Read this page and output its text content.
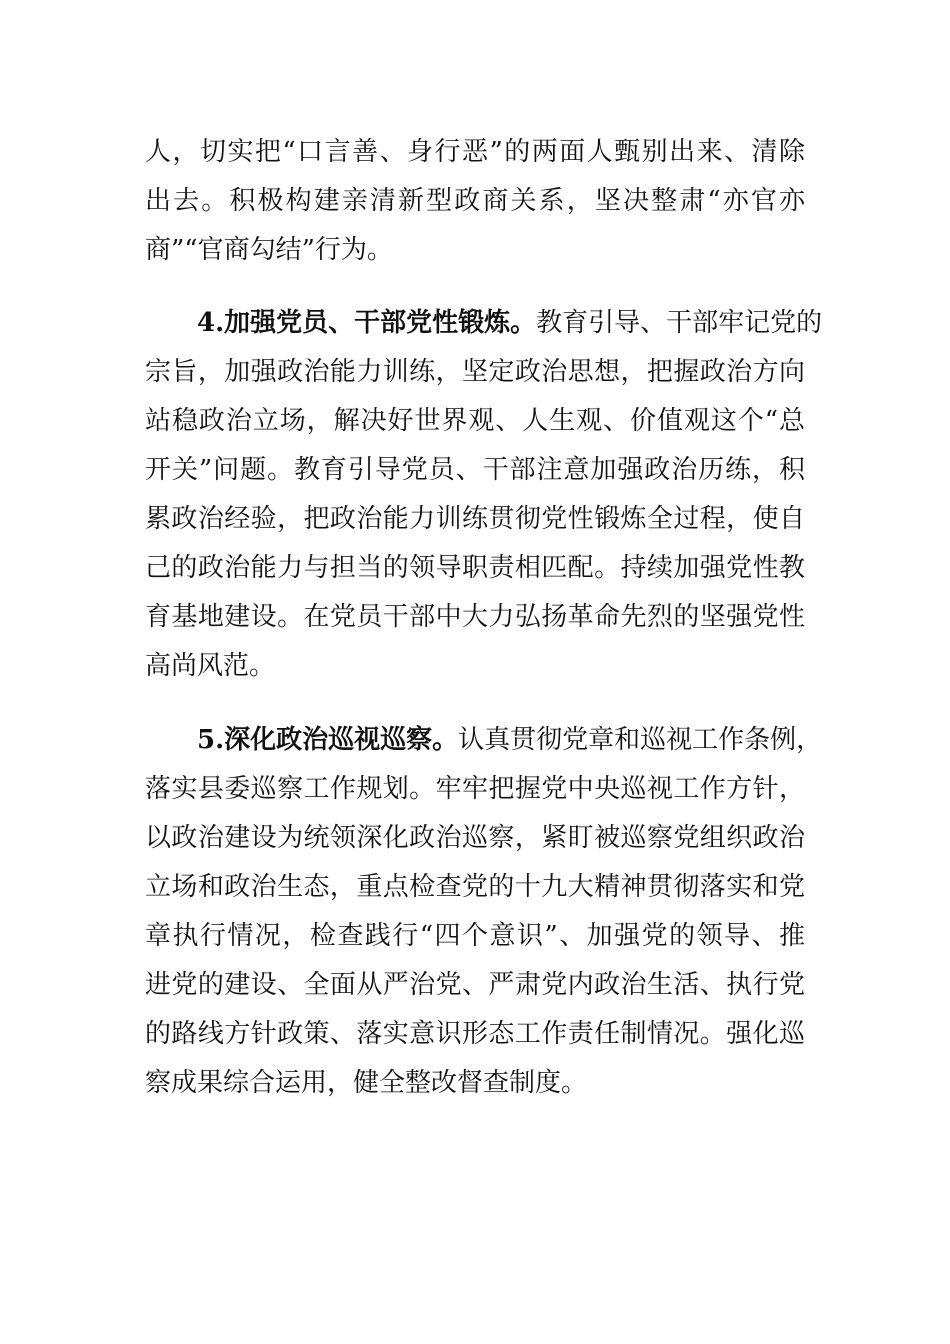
人，切实把“口言善、身行恶”的两面人甄别出来、清除
出去。积极构建亲清新型政商关系，坚决整肃“亦官亦
商”“官商勾结”行为。
4.加强党员、干部党性锻炼。教育引导、干部牢记党的
宗旨，加强政治能力训练，坚定政治思想，把握政治方向
站稳政治立场，解决好世界观、人生观、价值观这个“总
开关”问题。教育引导党员、干部注意加强政治历练，积
累政治经验，把政治能力训练贯彻党性锻炼全过程，使自
己的政治能力与担当的领导职责相匹配。持续加强党性教
育基地建设。在党员干部中大力弘扬革命先烈的坚强党性
高尚风范。
5.深化政治巡视巡察。认真贯彻党章和巡视工作条例，
落实县委巡察工作规划。牢牢把握党中央巡视工作方针，
以政治建设为统领深化政治巡察，紧盯被巡察党组织政治
立场和政治生态，重点检查党的十九大精神贯彻落实和党
章执行情况，检查践行“四个意识”、加强党的领导、推
进党的建设、全面从严治党、严肃党内政治生活、执行党
的路线方针政策、落实意识形态工作责任制情况。强化巡
察成果综合运用，健全整改督查制度。
